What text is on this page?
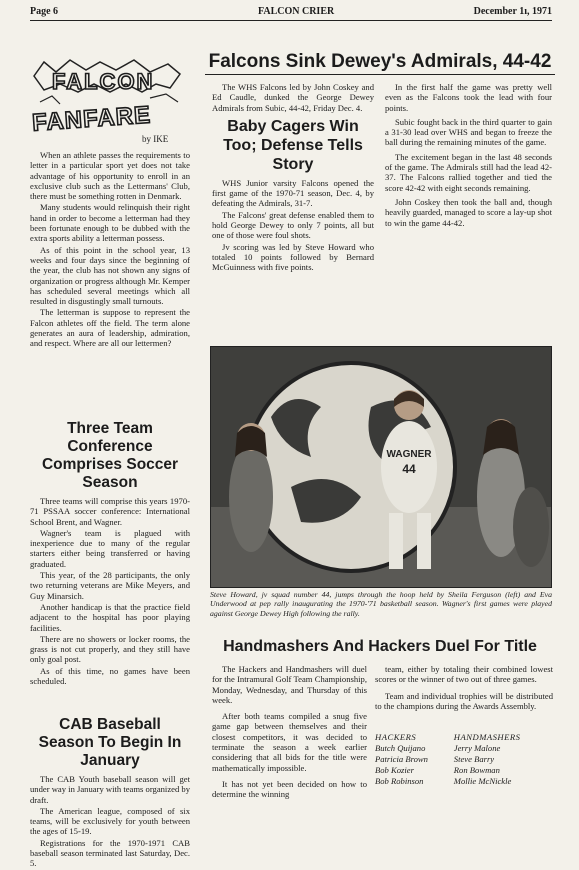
Page 6	FALCON CRIER	December 1ı, 1971
FALCON
FANFARE
by IKE

When an athlete passes the requirements to letter in a particular sport yet does not take advantage of his opportunity to enroll in an exclusive club such as the Lettermans' Club, there must be something rotten in Denmark.

Many students would relinquish their right hand in order to become a letterman had they been fortunate enough to be dubbed with the extra sports ability a letterman possess.

As of this point in the school year, 13 weeks and four days since the beginning of the year, the club has not shown any signs of organization or progress although Mr. Kemper has scheduled several meetings which all resulted in disgustingly small turnouts.

The letterman is suppose to represent the Falcon athletes off the field. The term alone generates an aura of leadership, admiration, and respect. Where are all our lettermen?

Three Team Conference Comprises Soccer Season

Three teams will comprise this years 1970-71 PSSAA soccer conference: International School Brent, and Wagner.

Wagner's team is plagued with inexperience due to many of the regular starters either being transferred or having graduated.

This year, of the 28 participants, the only two returning veterans are Mike Meyers, and Guy Minarsich.

Another handicap is that the practice field adjacent to the hospital has poor playing facilities.

There are no showers or locker rooms, the grass is not cut properly, and they still have only goal post.

As of this time, no games have been scheduled.

CAB Baseball Season To Begin In January

The CAB Youth baseball season will get under way in January with teams organized by draft.

The American league, composed of six teams, will be exclusively for youth between the ages of 15-19.

Registrations for the 1970-1971 CAB baseball season terminated last Saturday, Dec. 5.

Falcons Sink Dewey's Admirals, 44-42

The WHS Falcons led by John Coskey and Ed Caudle, dunked the George Dewey Admirals from Subic, 44-42, Friday Dec. 4.

Baby Cagers Win Too; Defense Tells Story

WHS Junior varsity Falcons opened the first game of the 1970-71 season, Dec. 4, by defeating the Admirals, 31-7.

The Falcons' great defense enabled them to hold George Dewey to only 7 points, all but one of those were foul shots.

Jv scoring was led by Steve Howard who totaled 10 points followed by Bernard McGuinness with five points.

In the first half the game was pretty well even as the Falcons took the lead with four points.

Subic fought back in the third quarter to gain a 31-30 lead over WHS and began to freeze the ball during the remaining minutes of the game.

The excitement began in the last 48 seconds of the game. The Admirals still had the lead 42-37. The Falcons rallied together and tied the score 42-42 with eight seconds remaining.

John Coskey then took the ball and, though heavily guarded, managed to score a lay-up shot to win the game 44-42.

WAGNER
44
Steve Howard, jv squad number 44, jumps through the hoop held by Sheila Ferguson (left) and Eva Underwood at pep rally inaugurating the 1970-'71 basketball season. Wagner's first games were played against George Dewey High following the rally.
Handmashers And Hackers Duel For Title

The Hackers and Handmashers will duel for the Intramural Golf Team Championship, Monday, Wednesday, and Thursday of this week.

After both teams compiled a snug five game gap between themselves and their closest competitors, it was decided to terminate the season a week earlier considering that all bids for the title were mathematically impossible.

It has not yet been decided on how to determine the winning

team, either by totaling their combined lowest scores or the winner of two out of three games.

Team and individual trophies will be distributed to the champions during the Awards Assembly.

HACKERS	HANDMASHERS
Butch Quijano	Jerry Malone
Patricia Brown	Steve Barry
Bob Kozier	Ron Bowman
Bob Robinson	Mollie McNickle
